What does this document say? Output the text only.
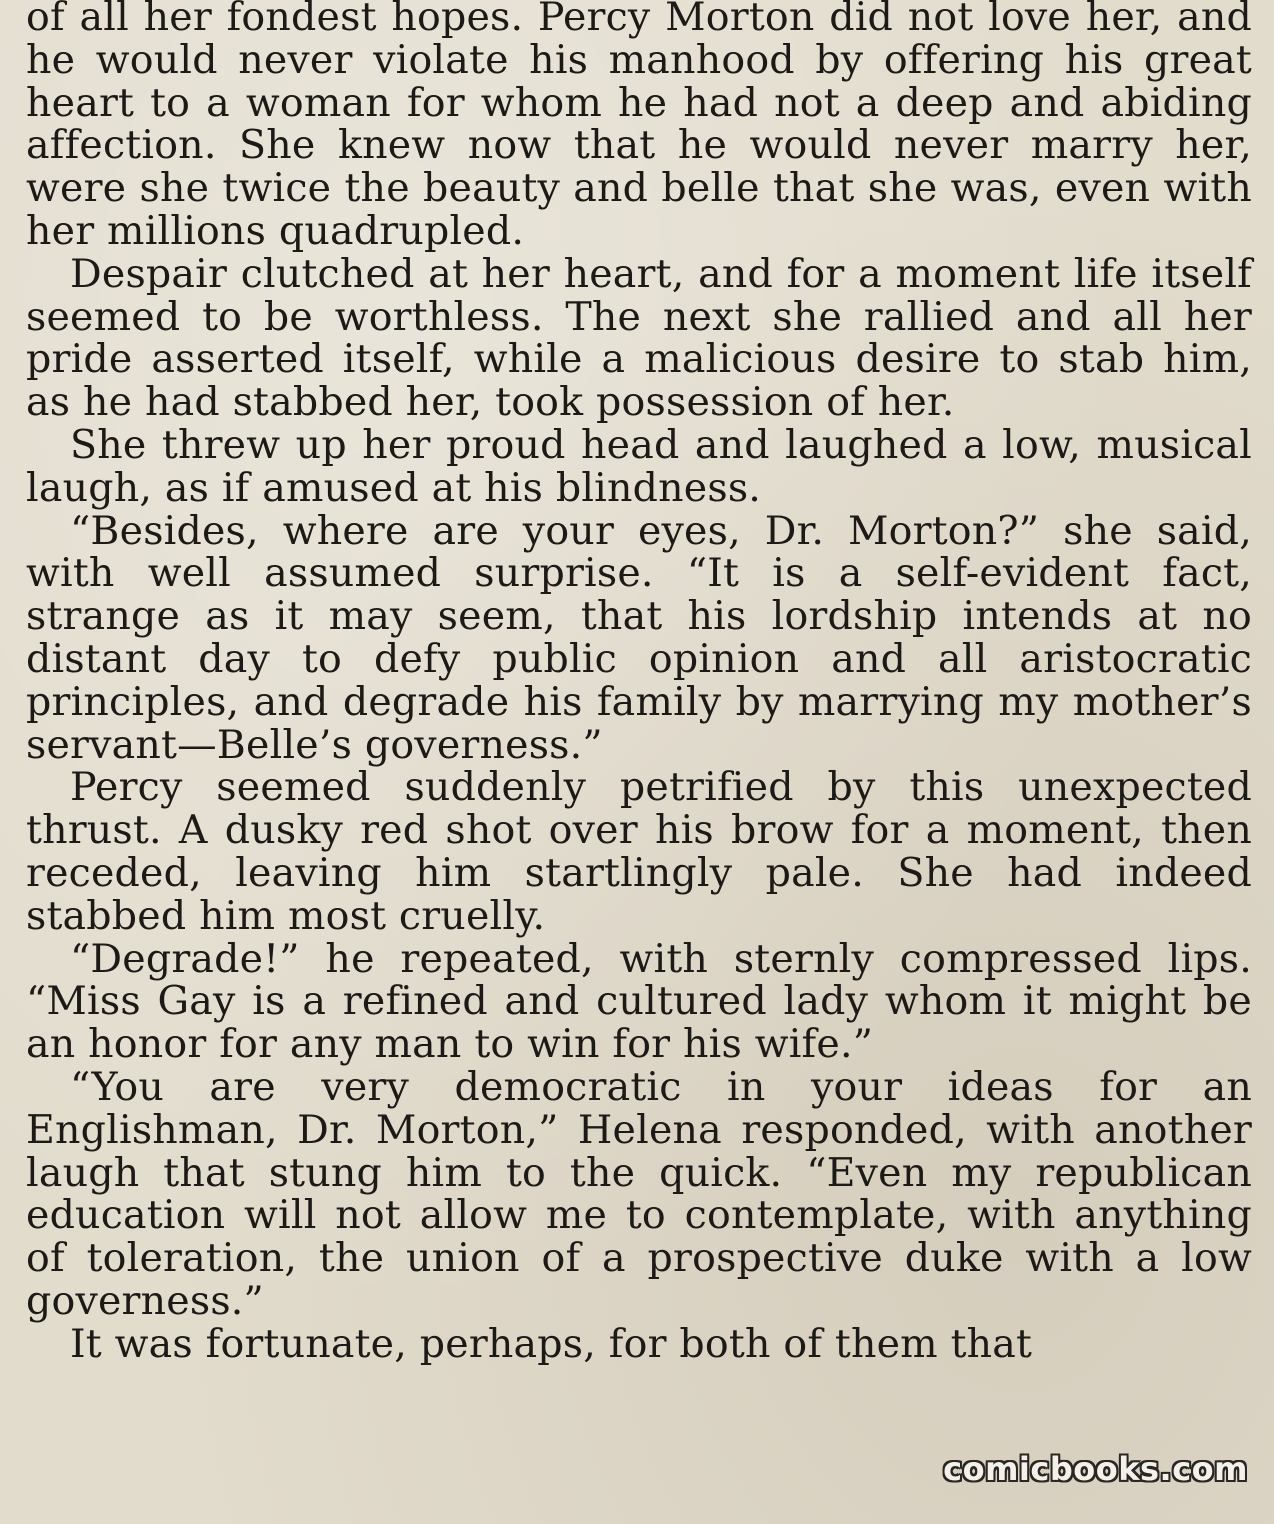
of all her fondest hopes. Percy Morton did not love her, and he would never violate his manhood by offering his great heart to a woman for whom he had not a deep and abiding affection. She knew now that he would never marry her, were she twice the beauty and belle that she was, even with her millions quadrupled.

Despair clutched at her heart, and for a moment life itself seemed to be worthless. The next she rallied and all her pride asserted itself, while a malicious desire to stab him, as he had stabbed her, took possession of her.

She threw up her proud head and laughed a low, musical laugh, as if amused at his blindness.

“Besides, where are your eyes, Dr. Morton?” she said, with well assumed surprise. “It is a self-evident fact, strange as it may seem, that his lordship intends at no distant day to defy public opinion and all aristocratic principles, and degrade his family by marrying my mother’s servant—Belle’s governess.”

Percy seemed suddenly petrified by this unexpected thrust. A dusky red shot over his brow for a moment, then receded, leaving him startlingly pale. She had indeed stabbed him most cruelly.

“Degrade!” he repeated, with sternly compressed lips. “Miss Gay is a refined and cultured lady whom it might be an honor for any man to win for his wife.”

“You are very democratic in your ideas for an Englishman, Dr. Morton,” Helena responded, with another laugh that stung him to the quick. “Even my republican education will not allow me to contemplate, with anything of toleration, the union of a prospective duke with a low governess.”

It was fortunate, perhaps, for both of them that

comicbooks.com
